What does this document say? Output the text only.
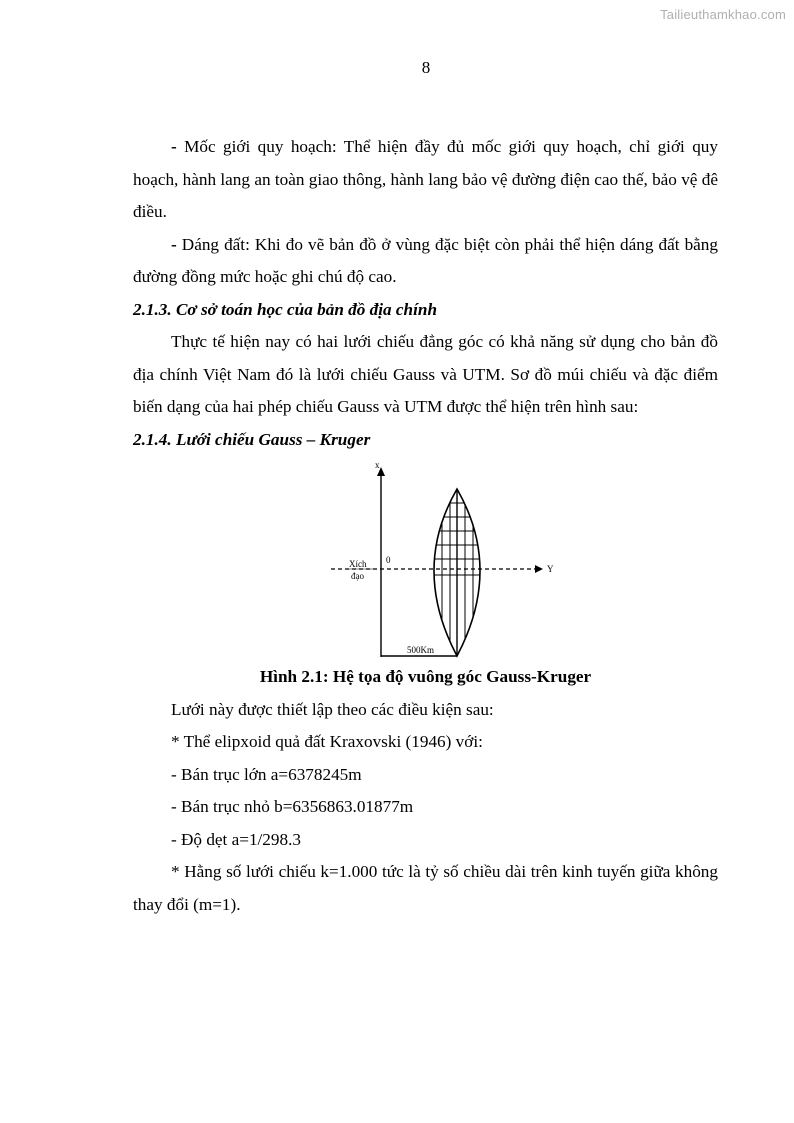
Tailieuthamkhao.com
8

- Mốc giới quy hoạch: Thể hiện đầy đủ mốc giới quy hoạch, chỉ giới quy hoạch, hành lang an toàn giao thông, hành lang bảo vệ đường điện cao thế, bảo vệ đê điều.

- Dáng đất: Khi đo vẽ bản đồ ở vùng đặc biệt còn phải thể hiện dáng đất bằng đường đồng mức hoặc ghi chú độ cao.

2.1.3. Cơ sở toán học của bản đồ địa chính

Thực tế hiện nay có hai lưới chiếu đẳng góc có khả năng sử dụng cho bản đồ địa chính Việt Nam đó là lưới chiếu Gauss và UTM. Sơ đồ múi chiếu và đặc điểm biến dạng của hai phép chiếu Gauss và UTM được thể hiện trên hình sau:

2.1.4. Lưới chiếu Gauss – Kruger

x
Y
0
Xích
đạo
500Km

Hình 2.1: Hệ tọa độ vuông góc Gauss-Kruger

Lưới này được thiết lập theo các điều kiện sau:

* Thể elipxoid quả đất Kraxovski (1946) với:

- Bán trục lớn a=6378245m

- Bán trục nhỏ b=6356863.01877m

- Độ dẹt a=1/298.3

* Hằng số lưới chiếu k=1.000 tức là tỷ số chiều dài trên kinh tuyến giữa không thay đổi (m=1).
